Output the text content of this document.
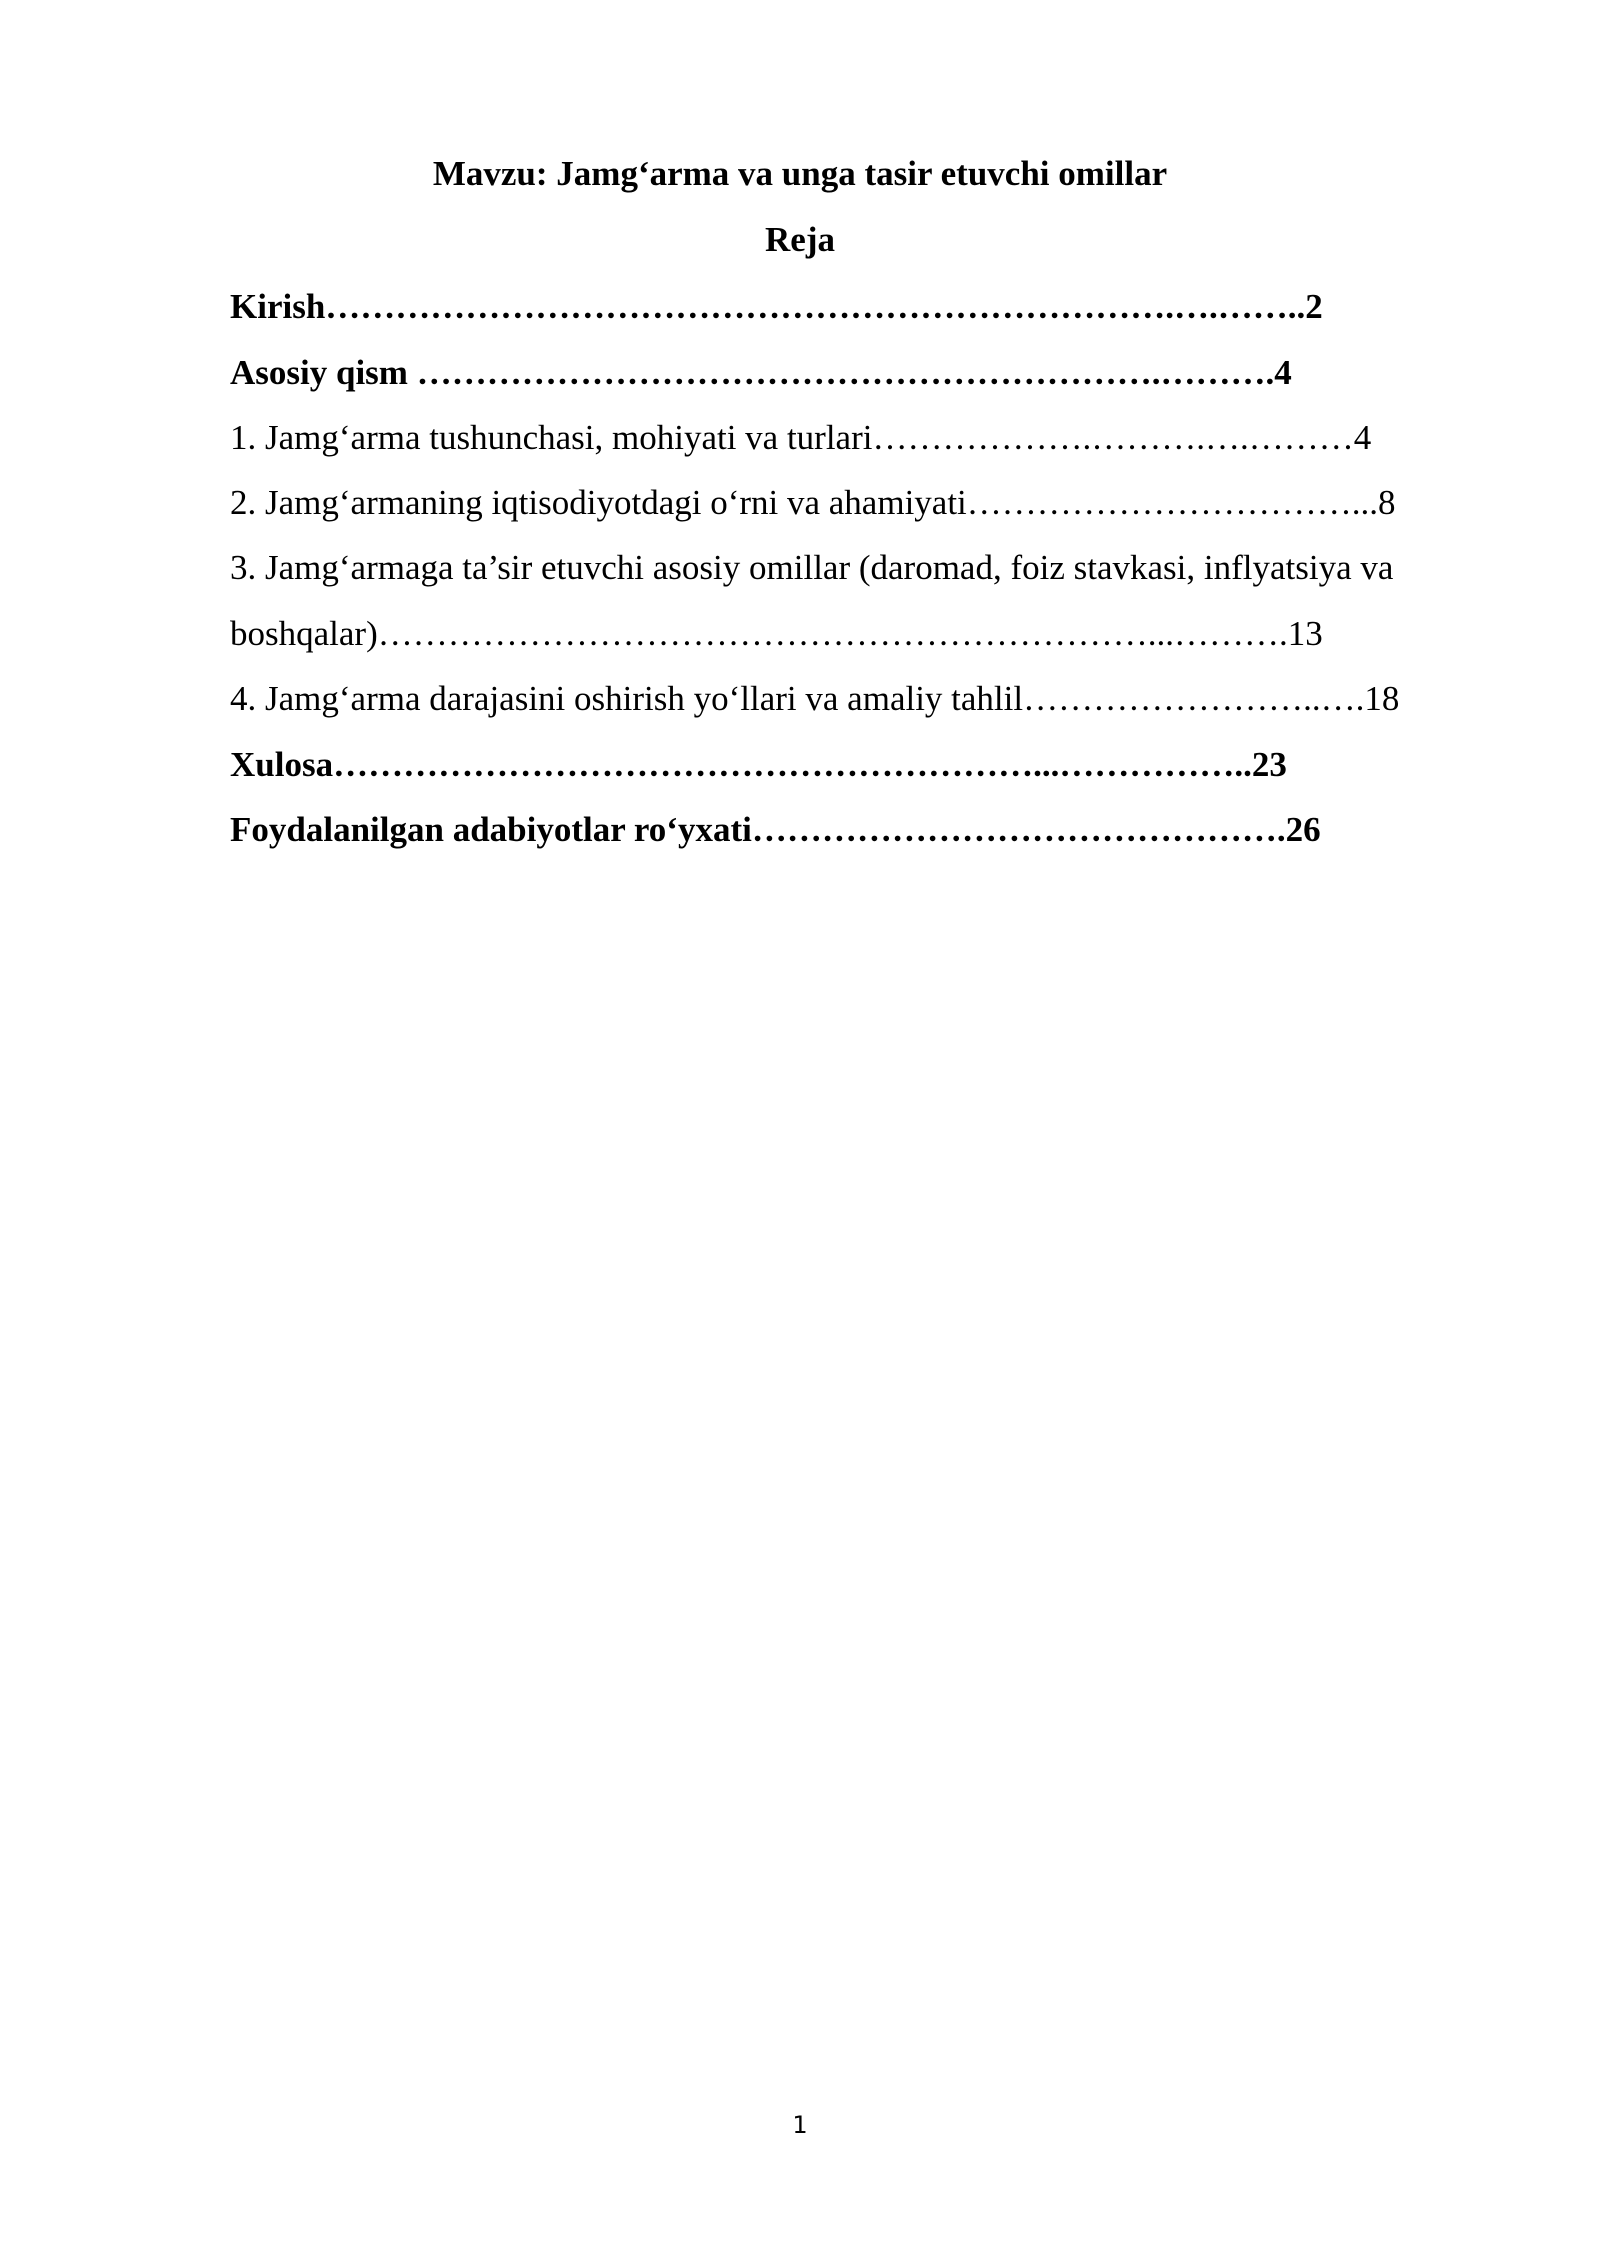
Mavzu: Jamg‘arma va unga tasir etuvchi omillar
Reja
Kirish……………………………………………………………….….……..2
Asosiy qism ……………………………………………………….……….4
1. Jamg‘arma tushunchasi, mohiyati va turlari……………….……….….………4
2. Jamg‘armaning iqtisodiyotdagi o‘rni va ahamiyati……………………………...8
3. Jamg‘armaga ta’sir etuvchi asosiy omillar (daromad, foiz stavkasi, inflyatsiya va
boshqalar)…………………………………………………………...……….13
4. Jamg‘arma darajasini oshirish yo‘llari va amaliy tahlil……………………..….18
Xulosa……………………………………………………...……………..23
Foydalanilgan adabiyotlar ro‘yxati……………………………………….26
1
